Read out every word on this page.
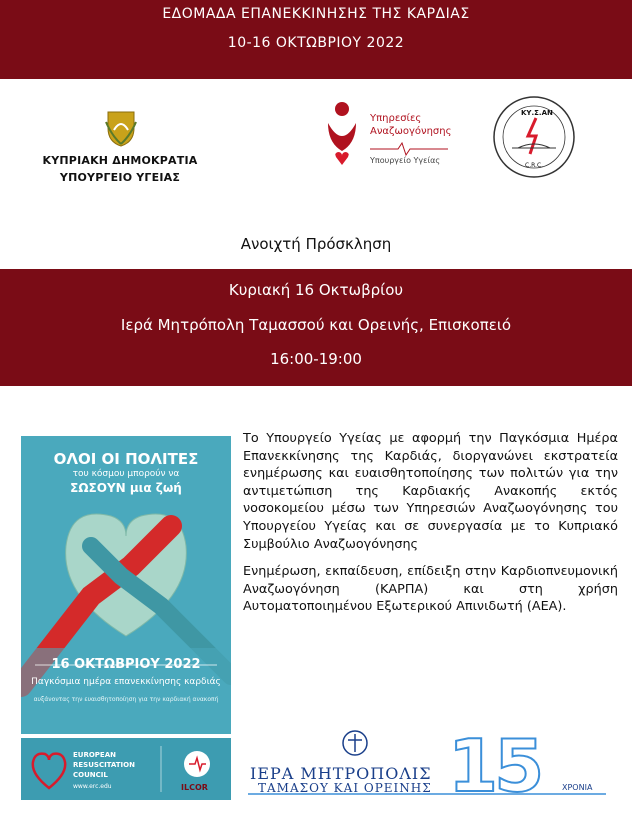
ΕΔΟΜΑΔΑ ΕΠΑΝΕΚΚΙΝΗΣΗΣ ΤΗΣ ΚΑΡΔΙΑΣ
10-16 ΟΚΤΩΒΡΙΟΥ 2022
ΚΥΠΡΙΑΚΗ ΔΗΜΟΚΡΑΤΙΑ
ΥΠΟΥΡΓΕΙΟ ΥΓΕΙΑΣ
Υπηρεσίες
Αναζωογόνησης
Υπουργείο Υγείας
ΚΥ.Σ.ΑΝ
C.R.C.
Ανοιχτή Πρόσκληση
Κυριακή 16 Οκτωβρίου
Ιερά Μητρόπολη Ταμασσού και Ορεινής, Επισκοπειό
16:00-19:00
ΟΛΟΙ ΟΙ ΠΟΛΙΤΕΣ
του κόσμου μπορούν να
ΣΩΣΟΥΝ μια ζωή
16 ΟΚΤΩΒΡΙΟΥ 2022
Παγκόσμια ημέρα επανεκκίνησης καρδιάς
αυξάνοντας την ευαισθητοποίηση για την καρδιακή ανακοπή
EUROPEAN
RESUSCITATION
COUNCIL
www.erc.edu	ILCOR

Το Υπουργείο Υγείας με αφορμή την Παγκόσμια Ημέρα Επανεκκίνησης της Καρδιάς, διοργανώνει εκστρατεία ενημέρωσης και ευαισθητοποίησης των πολιτών για την αντιμετώπιση της Καρδιακής Ανακοπής εκτός νοσοκομείου μέσω των Υπηρεσιών Αναζωογόνησης του Υπουργείου Υγείας και σε συνεργασία με το Κυπριακό Συμβούλιο Αναζωογόνησης

Ενημέρωση, εκπαίδευση, επίδειξη στην Καρδιοπνευμονική Αναζωογόνηση (ΚΑΡΠΑ) και στη χρήση Αυτοματοποιημένου Εξωτερικού Απινιδωτή (ΑΕΑ).

ΙΕΡΑ ΜΗΤΡΟΠΟΛΙΣ
ΤΑΜΑΣΟΥ ΚΑΙ ΟΡΕΙΝΗΣ 15	ΧΡΟΝΙΑ
